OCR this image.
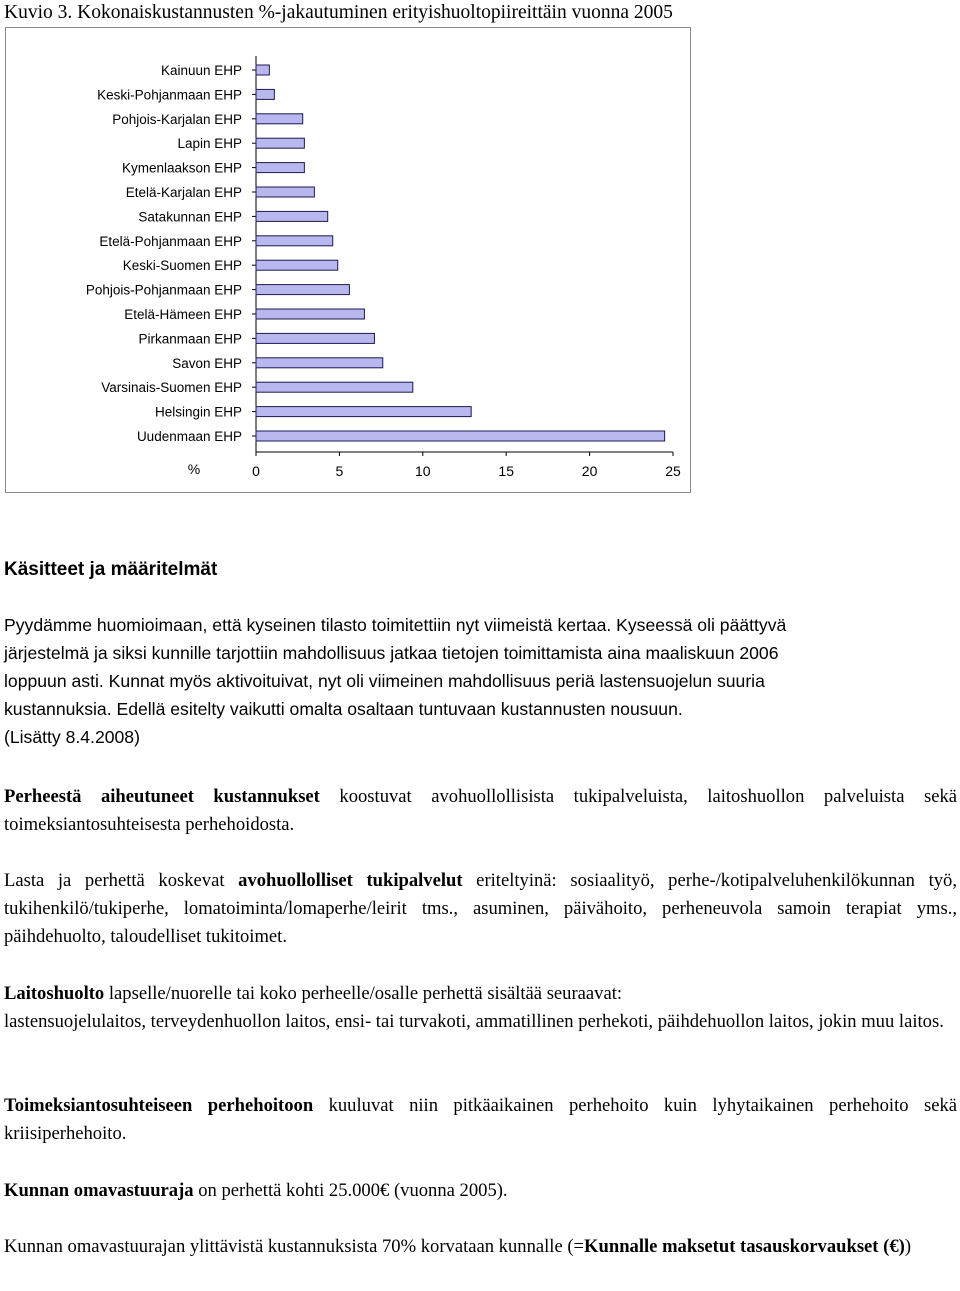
Kuvio 3. Kokonaiskustannusten %-jakautuminen erityishuoltopiireittäin vuonna 2005
Kainuun EHP
Keski-Pohjanmaan EHP
Pohjois-Karjalan EHP
Lapin EHP
Kymenlaakson EHP
Etelä-Karjalan EHP
Satakunnan EHP
Etelä-Pohjanmaan EHP
Keski-Suomen EHP
Pohjois-Pohjanmaan EHP
Etelä-Hämeen EHP
Pirkanmaan EHP
Savon EHP
Varsinais-Suomen EHP
Helsingin EHP
Uudenmaan EHP
0	5	10	15	20	25
%
Käsitteet ja määritelmät
Pyydämme huomioimaan, että kyseinen tilasto toimitettiin nyt viimeistä kertaa. Kyseessä oli päättyvä
järjestelmä ja siksi kunnille tarjottiin mahdollisuus jatkaa tietojen toimittamista aina maaliskuun 2006
loppuun asti. Kunnat myös aktivoituivat, nyt oli viimeinen mahdollisuus periä lastensuojelun suuria
kustannuksia. Edellä esitelty vaikutti omalta osaltaan tuntuvaan kustannusten nousuun.
(Lisätty 8.4.2008)

Perheestä aiheutuneet kustannukset koostuvat avohuollollisista tukipalveluista, laitoshuollon palveluista sekä toimeksiantosuhteisesta perhehoidosta.

Lasta ja perhettä koskevat avohuollolliset tukipalvelut eriteltyinä: sosiaalityö, perhe-/kotipalveluhenkilökunnan työ, tukihenkilö/tukiperhe, lomatoiminta/lomaperhe/leirit tms., asuminen, päivähoito, perheneuvola samoin terapiat yms., päihdehuolto, taloudelliset tukitoimet.

Laitoshuolto lapselle/nuorelle tai koko perheelle/osalle perhettä sisältää seuraavat:
lastensuojelulaitos, terveydenhuollon laitos, ensi- tai turvakoti, ammatillinen perhekoti, päihdehuollon laitos, jokin muu laitos.

Toimeksiantosuhteiseen perhehoitoon kuuluvat niin pitkäaikainen perhehoito kuin lyhytaikainen perhehoito sekä kriisiperhehoito.

Kunnan omavastuuraja on perhettä kohti 25.000€ (vuonna 2005).

Kunnan omavastuurajan ylittävistä kustannuksista 70% korvataan kunnalle (=Kunnalle maksetut tasauskorvaukset (€))
